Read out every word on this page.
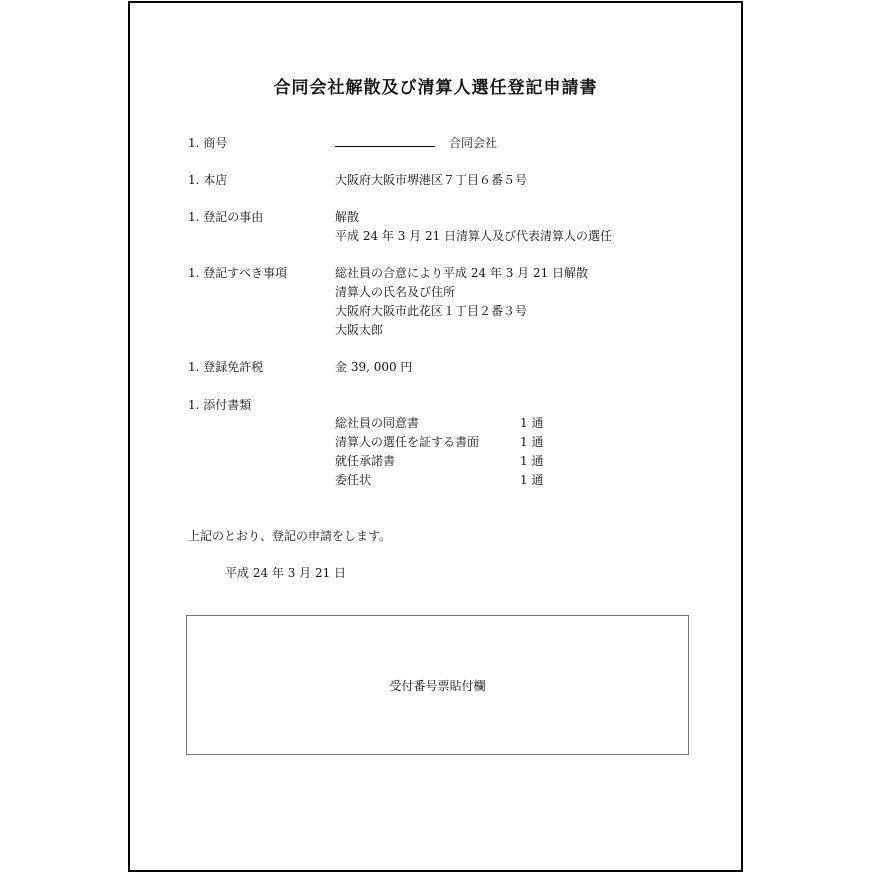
合同会社解散及び清算人選任登記申請書
1. 商号	合同会社
1. 本店	大阪府大阪市堺港区７丁目６番５号
1. 登記の事由	解散
平成 24 年 3 月 21 日清算人及び代表清算人の選任
1. 登記すべき事項	総社員の合意により平成 24 年 3 月 21 日解散
清算人の氏名及び住所
大阪府大阪市此花区１丁目２番３号
大阪太郎
1. 登録免許税	金 39, 000 円
1. 添付書類
総社員の同意書	1 通
清算人の選任を証する書面	1 通
就任承諾書	1 通
委任状	1 通
上記のとおり、登記の申請をします。
平成 24 年 3 月 21 日
受付番号票貼付欄
